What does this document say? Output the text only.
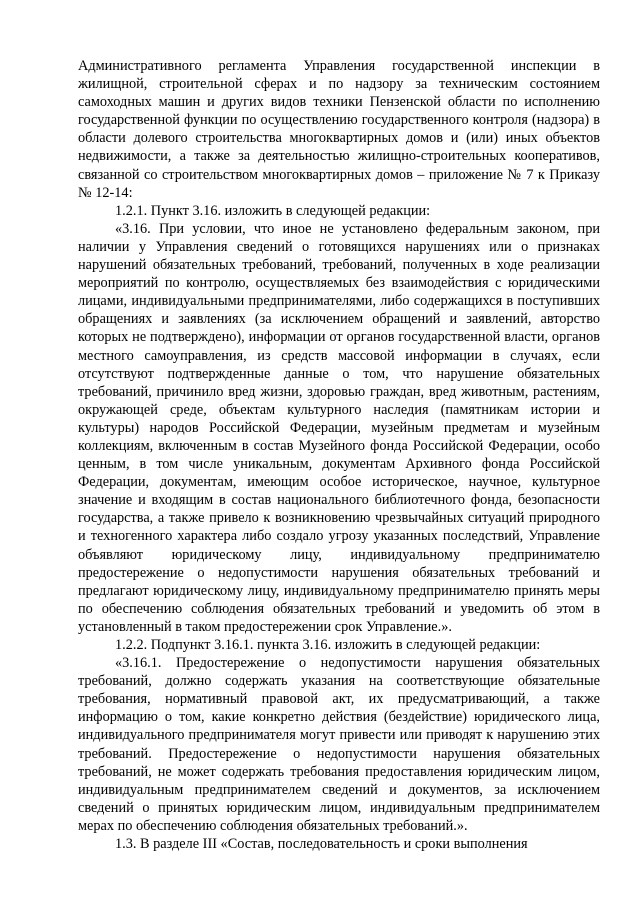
Административного регламента Управления государственной инспекции в жилищной, строительной сферах и по надзору за техническим состоянием самоходных машин и других видов техники Пензенской области по исполнению государственной функции по осуществлению государственного контроля (надзора) в области долевого строительства многоквартирных домов и (или) иных объектов недвижимости, а также за деятельностью жилищно-строительных кооперативов, связанной со строительством многоквартирных домов – приложение № 7 к Приказу № 12-14:

1.2.1. Пункт 3.16. изложить в следующей редакции:

«3.16. При условии, что иное не установлено федеральным законом, при наличии у Управления сведений о готовящихся нарушениях или о признаках нарушений обязательных требований, требований, полученных в ходе реализации мероприятий по контролю, осуществляемых без взаимодействия с юридическими лицами, индивидуальными предпринимателями, либо содержащихся в поступивших обращениях и заявлениях (за исключением обращений и заявлений, авторство которых не подтверждено), информации от органов государственной власти, органов местного самоуправления, из средств массовой информации в случаях, если отсутствуют подтвержденные данные о том, что нарушение обязательных требований, причинило вред жизни, здоровью граждан, вред животным, растениям, окружающей среде, объектам культурного наследия (памятникам истории и культуры) народов Российской Федерации, музейным предметам и музейным коллекциям, включенным в состав Музейного фонда Российской Федерации, особо ценным, в том числе уникальным, документам Архивного фонда Российской Федерации, документам, имеющим особое историческое, научное, культурное значение и входящим в состав национального библиотечного фонда, безопасности государства, а также привело к возникновению чрезвычайных ситуаций природного и техногенного характера либо создало угрозу указанных последствий, Управление объявляют юридическому лицу, индивидуальному предпринимателю предостережение о недопустимости нарушения обязательных требований и предлагают юридическому лицу, индивидуальному предпринимателю принять меры по обеспечению соблюдения обязательных требований и уведомить об этом в установленный в таком предостережении срок Управление.».

1.2.2. Подпункт 3.16.1. пункта 3.16. изложить в следующей редакции:

«3.16.1. Предостережение о недопустимости нарушения обязательных требований, должно содержать указания на соответствующие обязательные требования, нормативный правовой акт, их предусматривающий, а также информацию о том, какие конкретно действия (бездействие) юридического лица, индивидуального предпринимателя могут привести или приводят к нарушению этих требований. Предостережение о недопустимости нарушения обязательных требований, не может содержать требования предоставления юридическим лицом, индивидуальным предпринимателем сведений и документов, за исключением сведений о принятых юридическим лицом, индивидуальным предпринимателем мерах по обеспечению соблюдения обязательных требований.».

1.3. В разделе III «Состав, последовательность и сроки выполнения
